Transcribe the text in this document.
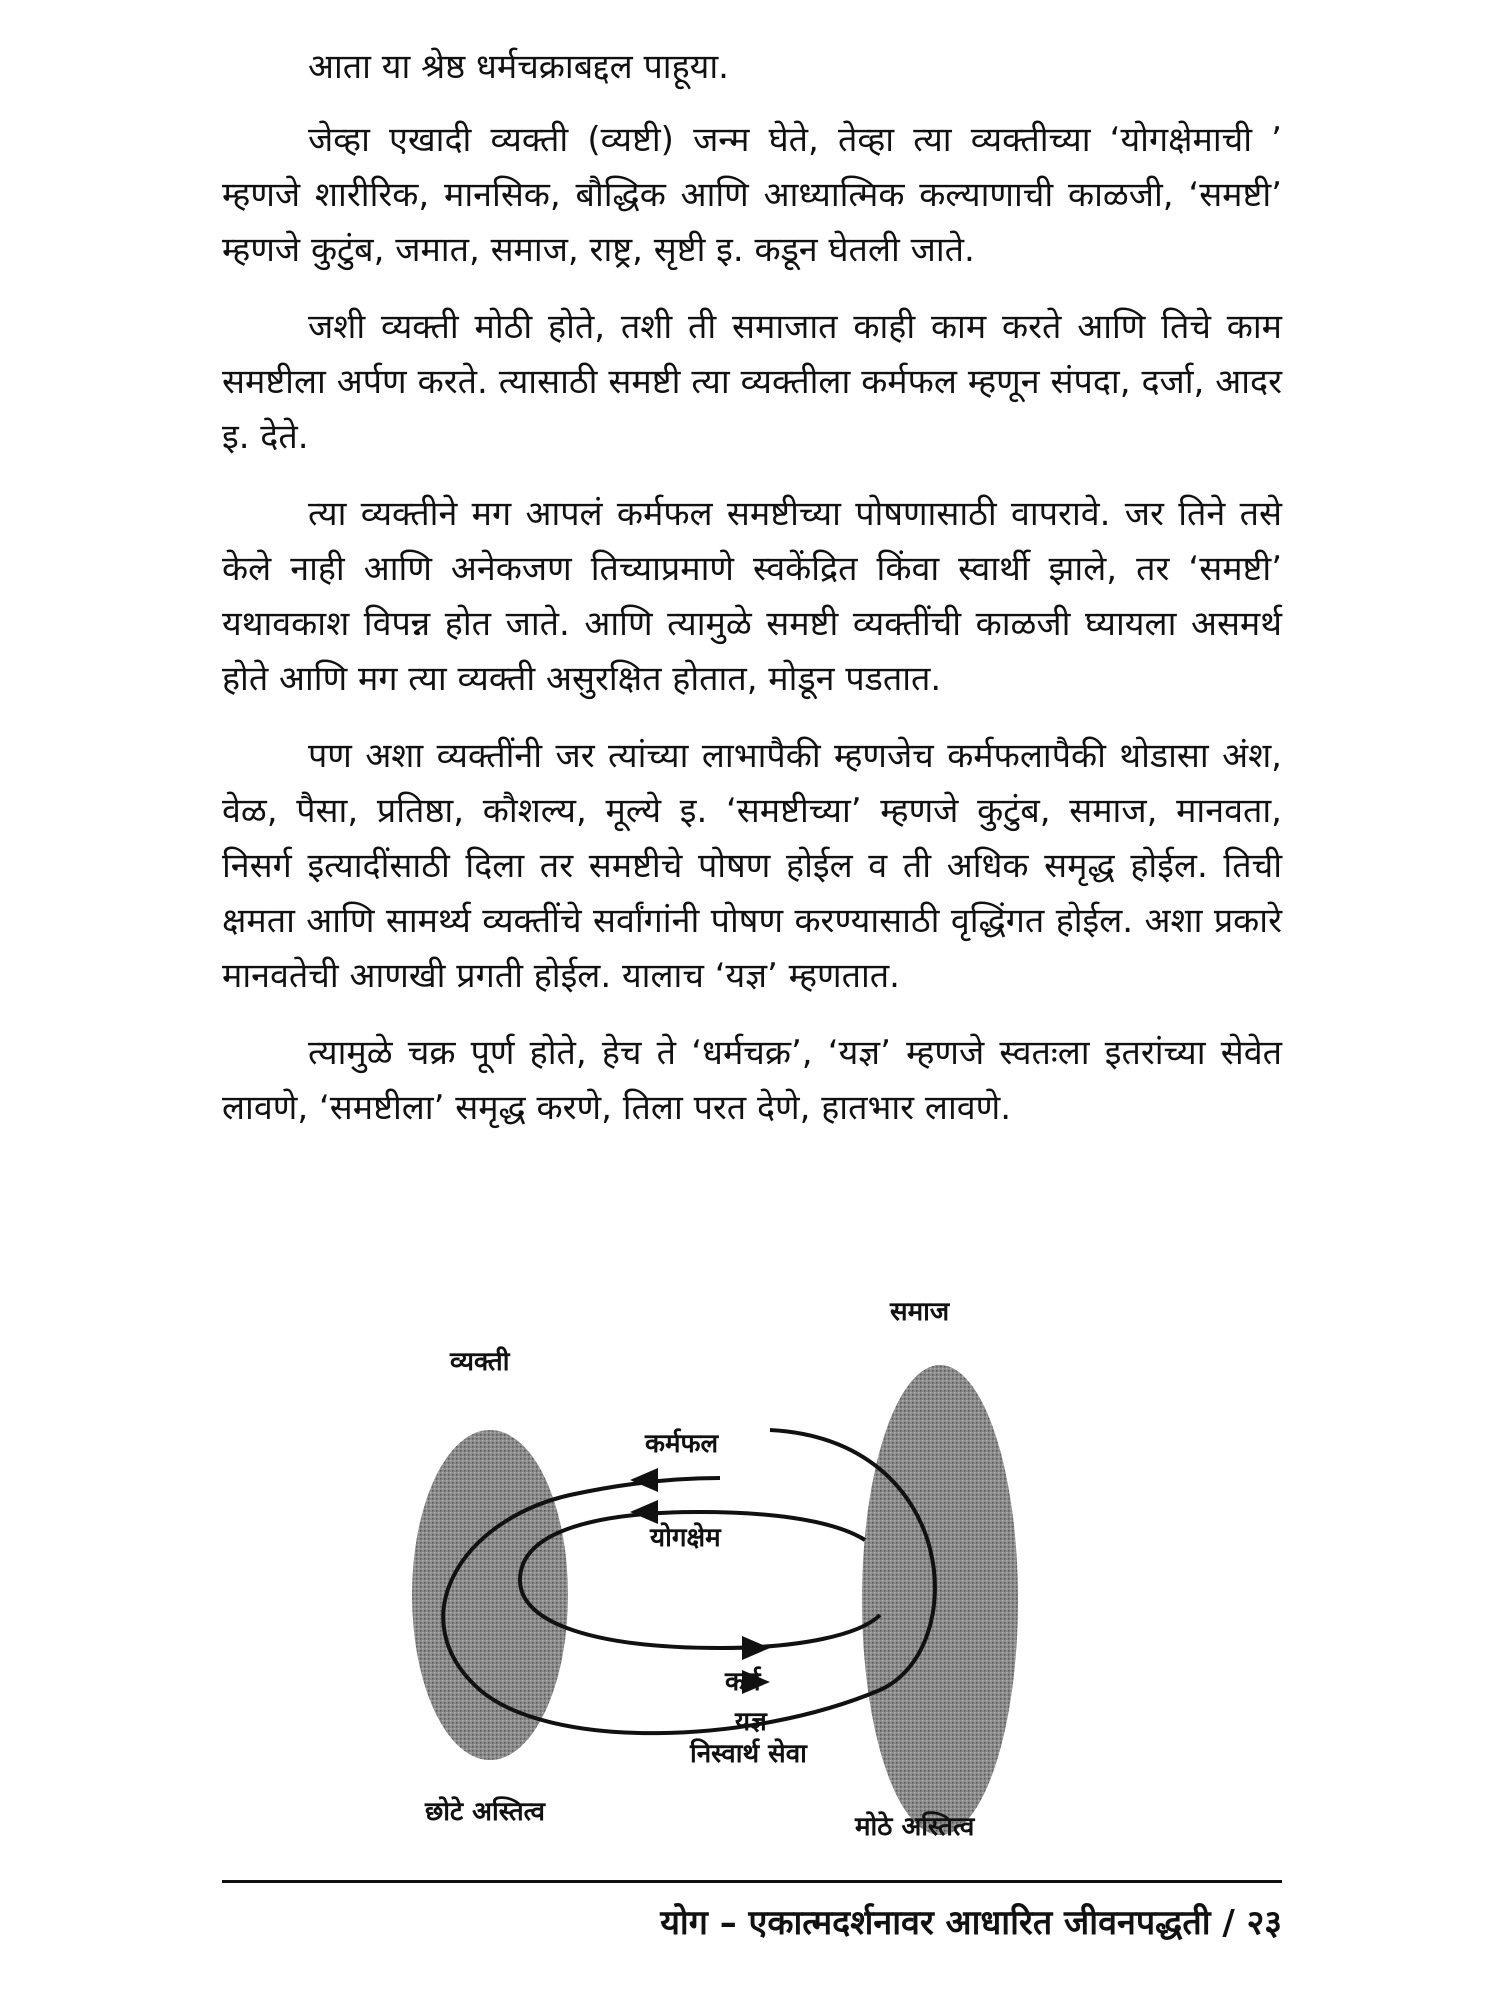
आता या श्रेष्ठ धर्मचक्राबद्दल पाहूया.

जेव्हा एखादी व्यक्ती (व्यष्टी) जन्म घेते, तेव्हा त्या व्यक्तीच्या ‘योगक्षेमाची ’ म्हणजे शारीरिक, मानसिक, बौद्धिक आणि आध्यात्मिक कल्याणाची काळजी, ‘समष्टी’ म्हणजे कुटुंब, जमात, समाज, राष्ट्र, सृष्टी इ. कडून घेतली जाते.

जशी व्यक्ती मोठी होते, तशी ती समाजात काही काम करते आणि तिचे काम समष्टीला अर्पण करते. त्यासाठी समष्टी त्या व्यक्तीला कर्मफल म्हणून संपदा, दर्जा, आदर इ. देते.

त्या व्यक्तीने मग आपलं कर्मफल समष्टीच्या पोषणासाठी वापरावे. जर तिने तसे केले नाही आणि अनेकजण तिच्याप्रमाणे स्वकेंद्रित किंवा स्वार्थी झाले, तर ‘समष्टी’ यथावकाश विपन्न होत जाते. आणि त्यामुळे समष्टी व्यक्तींची काळजी घ्यायला असमर्थ होते आणि मग त्या व्यक्ती असुरक्षित होतात, मोडून पडतात.

पण अशा व्यक्तींनी जर त्यांच्या लाभापैकी म्हणजेच कर्मफलापैकी थोडासा अंश, वेळ, पैसा, प्रतिष्ठा, कौशल्य, मूल्ये इ. ‘समष्टीच्या’ म्हणजे कुटुंब, समाज, मानवता, निसर्ग इत्यादींसाठी दिला तर समष्टीचे पोषण होईल व ती अधिक समृद्ध होईल. तिची क्षमता आणि सामर्थ्य व्यक्तींचे सर्वांगांनी पोषण करण्यासाठी वृद्धिंगत होईल. अशा प्रकारे मानवतेची आणखी प्रगती होईल. यालाच ‘यज्ञ’ म्हणतात.

त्यामुळे चक्र पूर्ण होते, हेच ते ‘धर्मचक्र’, ‘यज्ञ’ म्हणजे स्वतःला इतरांच्या सेवेत लावणे, ‘समष्टीला’ समृद्ध करणे, तिला परत देणे, हातभार लावणे.

व्यक्ती
समाज
कर्मफल
योगक्षेम
कर्म
यज्ञ
निस्वार्थ सेवा
छोटे अस्तित्व	मोठे अस्तित्व
योग – एकात्मदर्शनावर आधारित जीवनपद्धती / २३
